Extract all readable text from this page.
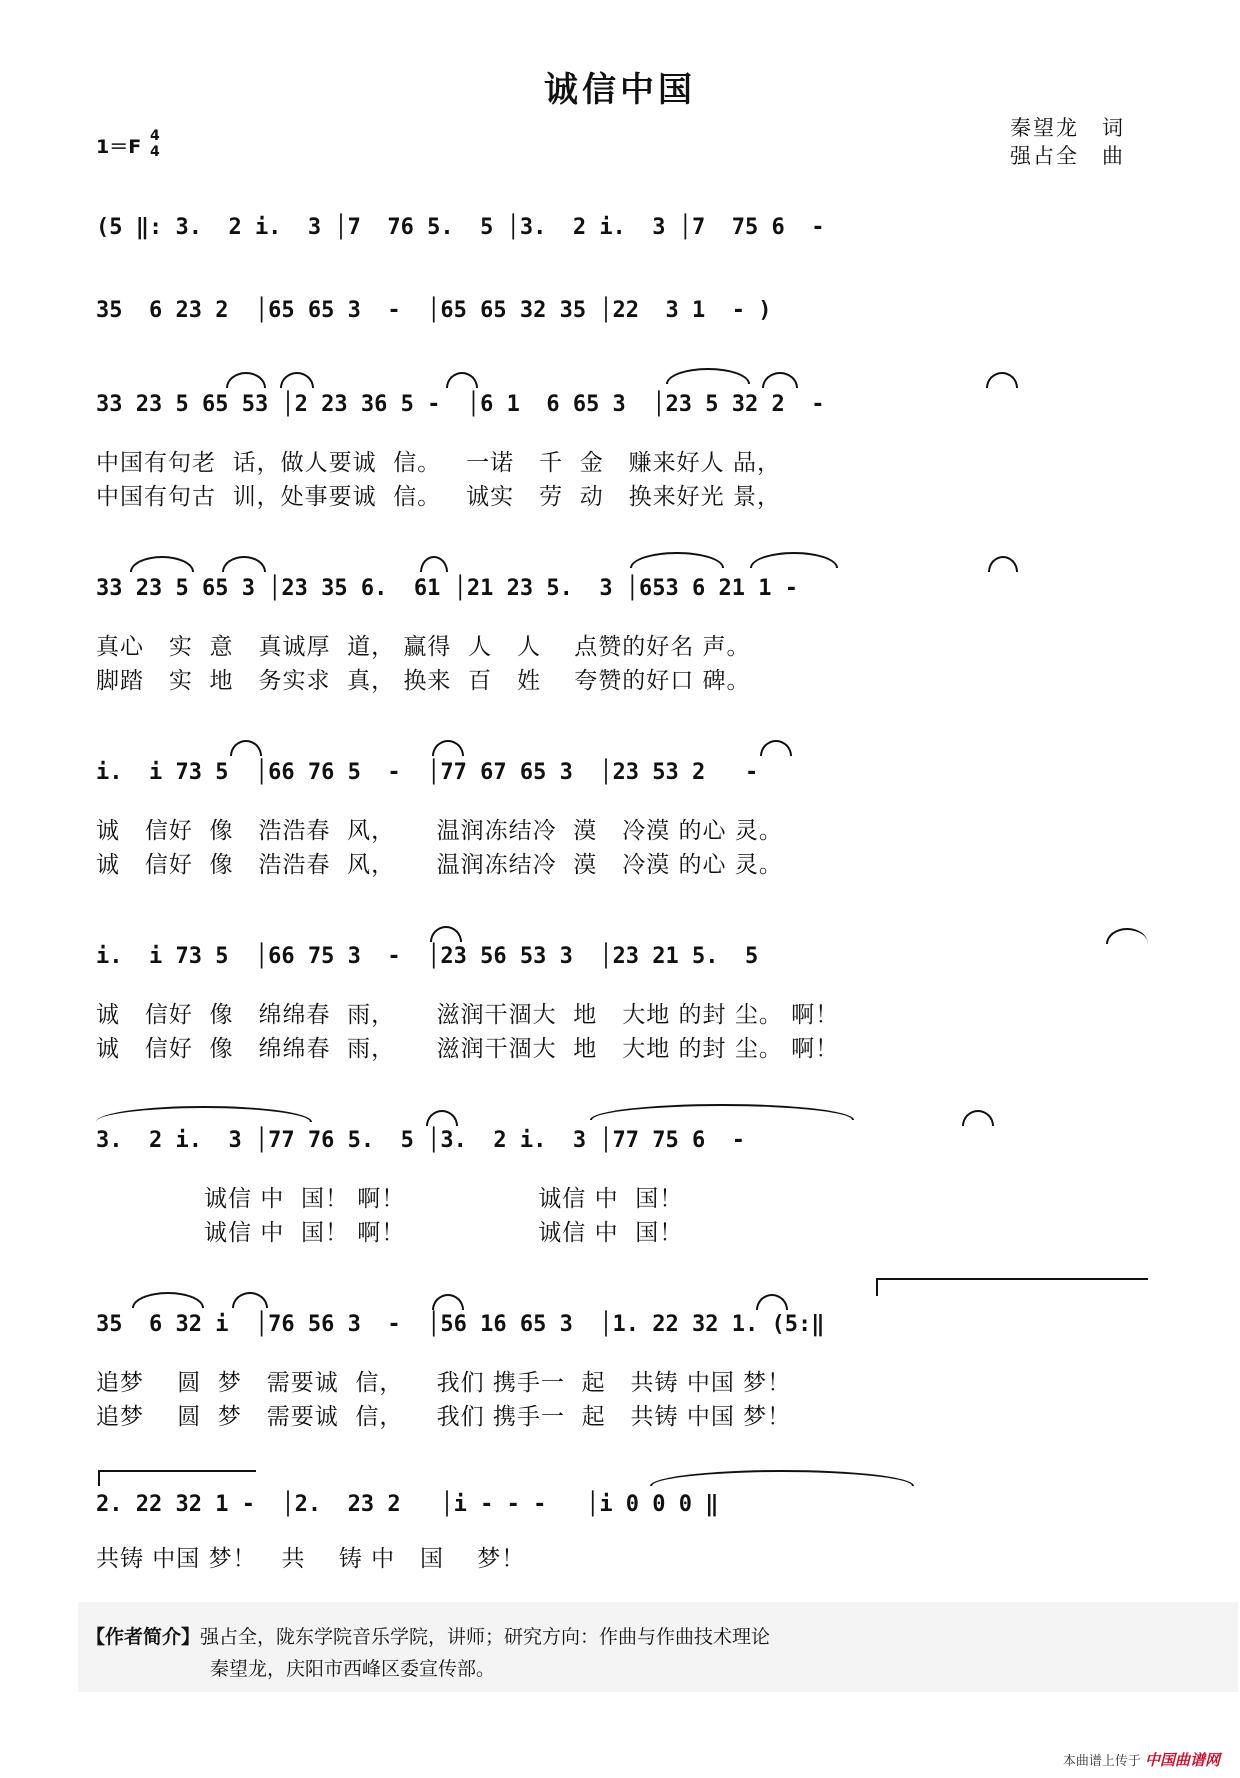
诚信中国
1＝F 4
4
秦望龙　词
强占全　曲
(5 ‖: 3.  2 i.  3 │7  76 5.  5 │3.  2 i.  3 │7  75 6  -
35  6 23 2  │65 65 3  -  │65 65 32 35 │22  3 1  - )
33 23 5 65 53 │2 23 36 5 -  │6 1  6 65 3  │23 5 32 2  -
中国有句老  话，做人要诚  信。   一诺   千  金   赚来好人 品，
中国有句古  训，处事要诚  信。   诚实   劳  动   换来好光 景，
33 23 5 65 3 │23 35 6.  61 │21 23 5.  3 │653 6 21 1 -
真心   实  意   真诚厚  道， 赢得  人   人    点赞的好名 声。
脚踏   实  地   务实求  真， 换来  百   姓    夸赞的好口 碑。
i.  i 73 5  │66 76 5  -  │77 67 65 3  │23 53 2   -
诚   信好  像   浩浩春  风，     温润冻结冷  漠   冷漠 的心 灵。
诚   信好  像   浩浩春  风，     温润冻结冷  漠   冷漠 的心 灵。
i.  i 73 5  │66 75 3  -  │23 56 53 3  │23 21 5.  5
诚   信好  像   绵绵春  雨，     滋润干涸大  地   大地 的封 尘。 啊！
诚   信好  像   绵绵春  雨，     滋润干涸大  地   大地 的封 尘。 啊！
3.  2 i.  3 │77 76 5.  5 │3.  2 i.  3 │77 75 6  -
诚信 中  国！ 啊！                诚信 中  国！
诚信 中  国！ 啊！                诚信 中  国！
35  6 32 i  │76 56 3  -  │56 16 65 3  │1. 22 32 1. (5:‖
追梦    圆  梦   需要诚  信，    我们 携手一  起   共铸 中国 梦！
追梦    圆  梦   需要诚  信，    我们 携手一  起   共铸 中国 梦！
2. 22 32 1 -  │2.  23 2   │i - - -   │i 0 0 0 ‖
共铸 中国 梦！   共    铸 中   国    梦！
【作者简介】强占全，陇东学院音乐学院，讲师；研究方向：作曲与作曲技术理论
秦望龙，庆阳市西峰区委宣传部。
本曲谱上传于 中国曲谱网
